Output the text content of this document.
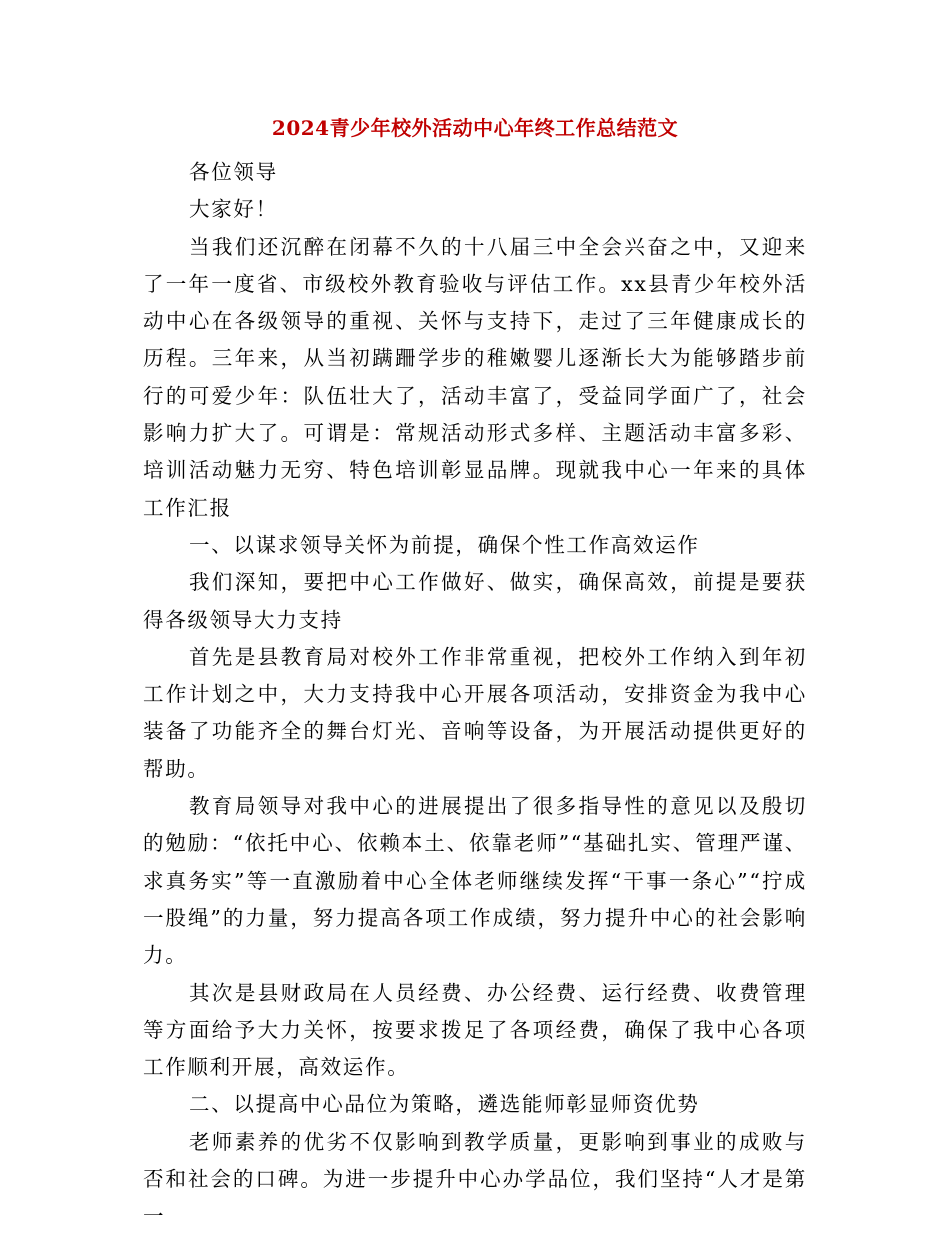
2024青少年校外活动中心年终工作总结范文

各位领导

大家好！

当我们还沉醉在闭幕不久的十八届三中全会兴奋之中，又迎来了一年一度省、市级校外教育验收与评估工作。xx县青少年校外活动中心在各级领导的重视、关怀与支持下，走过了三年健康成长的历程。三年来，从当初蹒跚学步的稚嫩婴儿逐渐长大为能够踏步前行的可爱少年：队伍壮大了，活动丰富了，受益同学面广了，社会影响力扩大了。可谓是：常规活动形式多样、主题活动丰富多彩、培训活动魅力无穷、特色培训彰显品牌。现就我中心一年来的具体工作汇报

一、以谋求领导关怀为前提，确保个性工作高效运作

我们深知，要把中心工作做好、做实，确保高效，前提是要获得各级领导大力支持

首先是县教育局对校外工作非常重视，把校外工作纳入到年初工作计划之中，大力支持我中心开展各项活动，安排资金为我中心装备了功能齐全的舞台灯光、音响等设备，为开展活动提供更好的帮助。

教育局领导对我中心的进展提出了很多指导性的意见以及殷切的勉励：“依托中心、依赖本土、依靠老师”“基础扎实、管理严谨、求真务实”等一直激励着中心全体老师继续发挥“干事一条心”“拧成一股绳”的力量，努力提高各项工作成绩，努力提升中心的社会影响力。

其次是县财政局在人员经费、办公经费、运行经费、收费管理等方面给予大力关怀，按要求拨足了各项经费，确保了我中心各项工作顺利开展，高效运作。

二、以提高中心品位为策略，遴选能师彰显师资优势

老师素养的优劣不仅影响到教学质量，更影响到事业的成败与否和社会的口碑。为进一步提升中心办学品位，我们坚持“人才是第一
